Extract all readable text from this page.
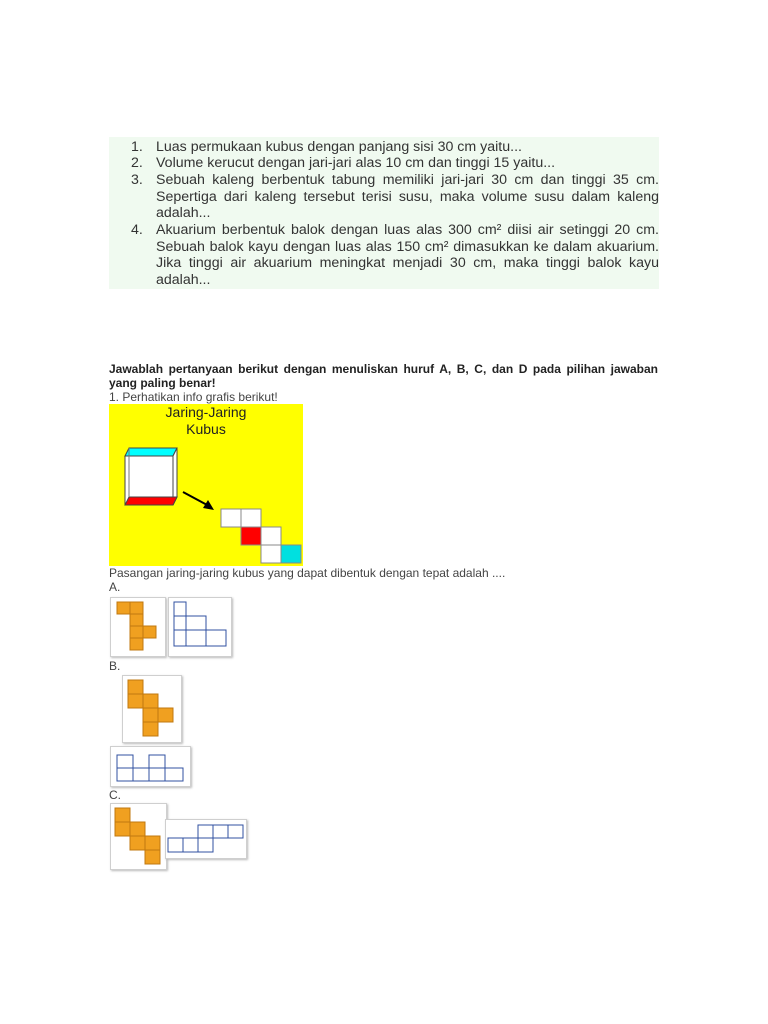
1. Luas permukaan kubus dengan panjang sisi 30 cm yaitu...
2. Volume kerucut dengan jari-jari alas 10 cm dan tinggi 15 yaitu...
3. Sebuah kaleng berbentuk tabung memiliki jari-jari 30 cm dan tinggi 35 cm. Sepertiga dari kaleng tersebut terisi susu, maka volume susu dalam kaleng adalah...
4. Akuarium berbentuk balok dengan luas alas 300 cm² diisi air setinggi 20 cm. Sebuah balok kayu dengan luas alas 150 cm² dimasukkan ke dalam akuarium. Jika tinggi air akuarium meningkat menjadi 30 cm, maka tinggi balok kayu adalah...
Jawablah pertanyaan berikut dengan menuliskan huruf A, B, C, dan D pada pilihan jawaban yang paling benar!
1. Perhatikan info grafis berikut!
Jaring-Jaring
Kubus
Pasangan jaring-jaring kubus yang dapat dibentuk dengan tepat adalah ....
A.
B.
C.
